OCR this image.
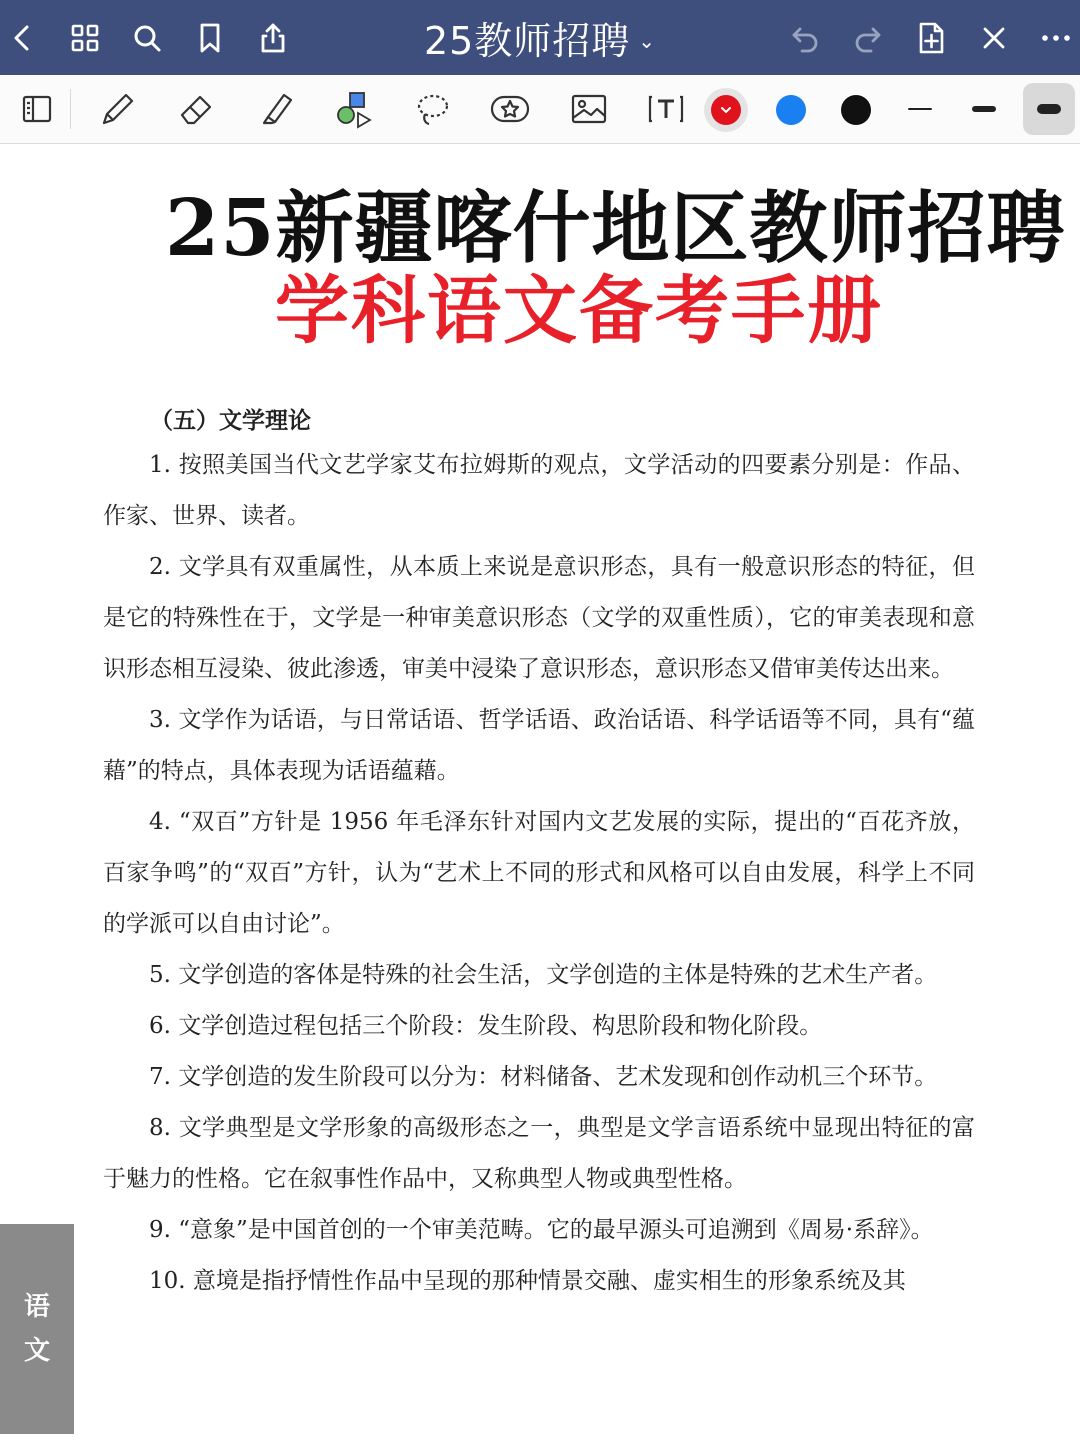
25教师招聘 ⌄
25新疆喀什地区教师招聘
学科语文备考手册
（五）文学理论

1. 按照美国当代文艺学家艾布拉姆斯的观点，文学活动的四要素分别是：作品、作家、世界、读者。

2. 文学具有双重属性，从本质上来说是意识形态，具有一般意识形态的特征，但是它的特殊性在于，文学是一种审美意识形态（文学的双重性质），它的审美表现和意识形态相互浸染、彼此渗透，审美中浸染了意识形态，意识形态又借审美传达出来。

3. 文学作为话语，与日常话语、哲学话语、政治话语、科学话语等不同，具有“蕴藉”的特点，具体表现为话语蕴藉。

4. “双百”方针是 1956 年毛泽东针对国内文艺发展的实际，提出的“百花齐放，百家争鸣”的“双百”方针，认为“艺术上不同的形式和风格可以自由发展，科学上不同的学派可以自由讨论”。

5. 文学创造的客体是特殊的社会生活，文学创造的主体是特殊的艺术生产者。

6. 文学创造过程包括三个阶段：发生阶段、构思阶段和物化阶段。

7. 文学创造的发生阶段可以分为：材料储备、艺术发现和创作动机三个环节。

8. 文学典型是文学形象的高级形态之一，典型是文学言语系统中显现出特征的富于魅力的性格。它在叙事性作品中，又称典型人物或典型性格。

9. “意象”是中国首创的一个审美范畴。它的最早源头可追溯到《周易·系辞》。

10. 意境是指抒情性作品中呈现的那种情景交融、虚实相生的形象系统及其

语
文
